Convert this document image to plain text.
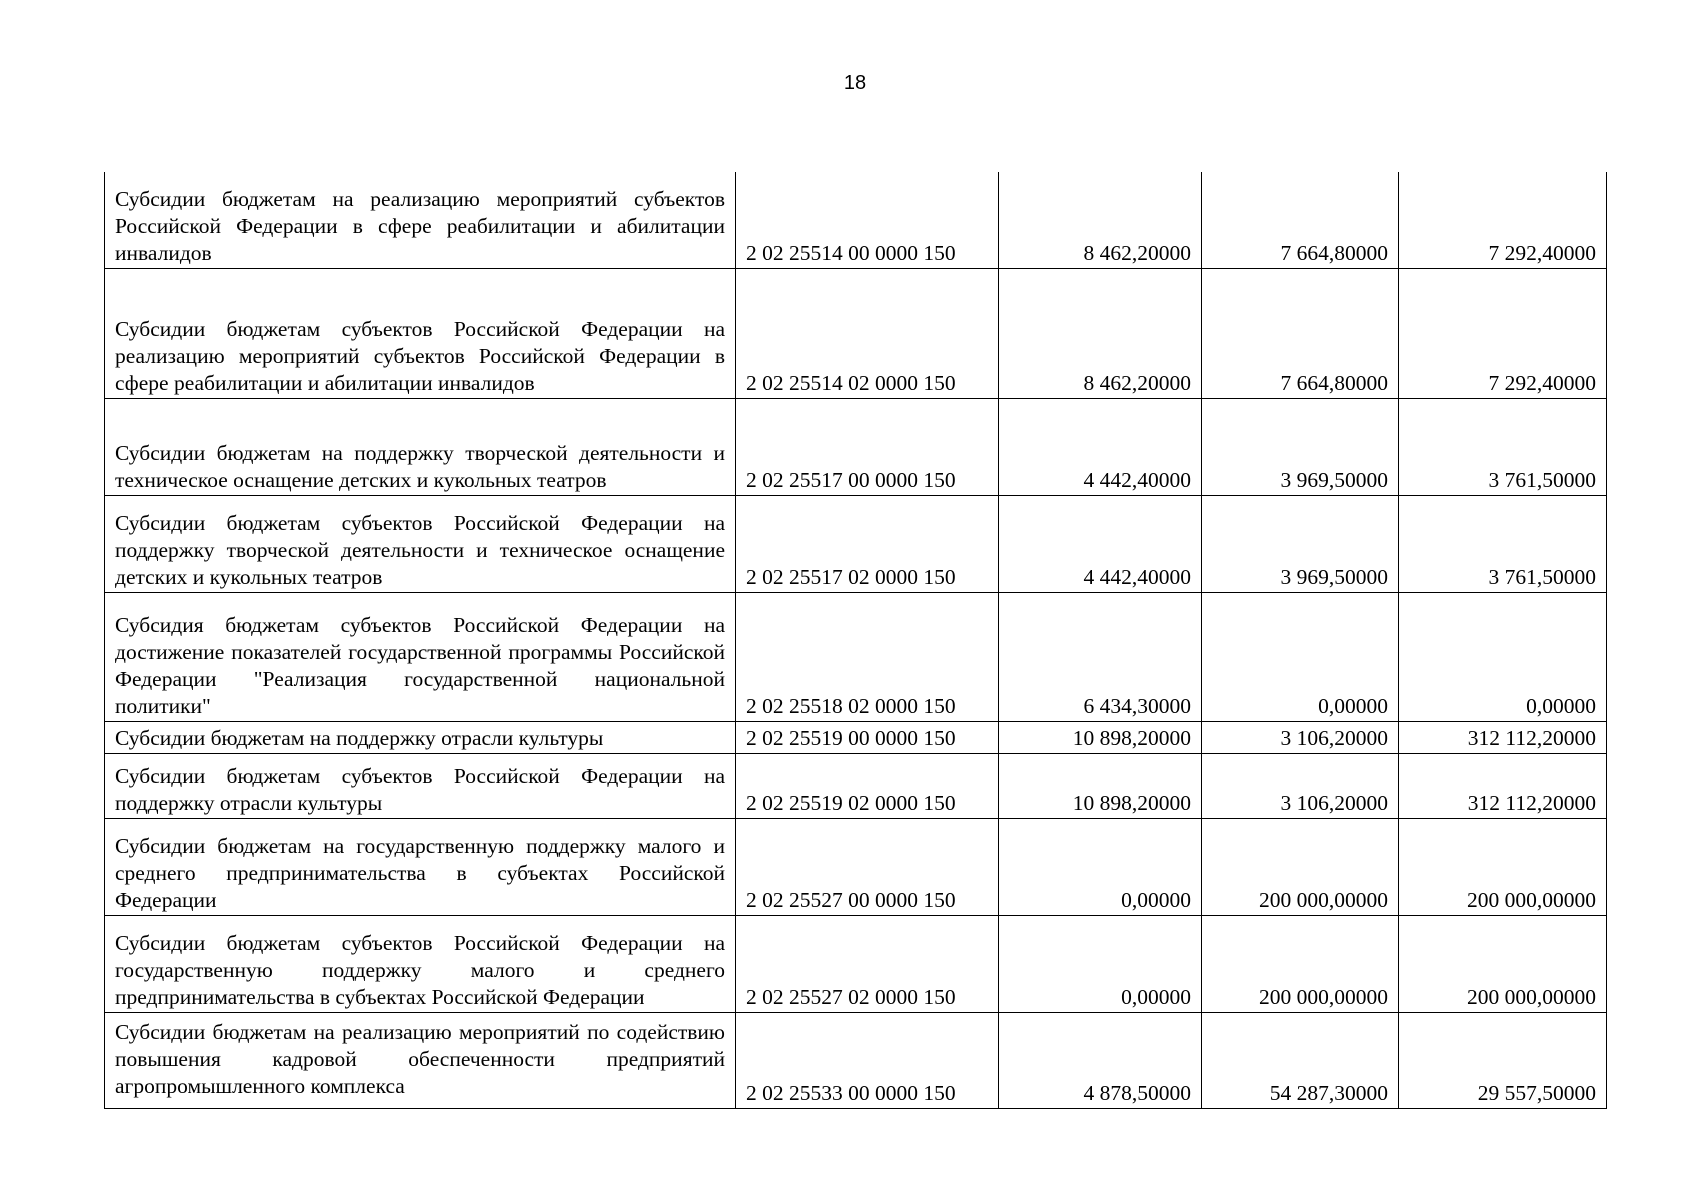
18
Субсидии бюджетам на реализацию мероприятий субъектов Российской Федерации в сфере реабилитации и абилитации инвалидов	2 02 25514 00 0000 150	8 462,20000	7 664,80000	7 292,40000
Субсидии бюджетам субъектов Российской Федерации на реализацию мероприятий субъектов Российской Федерации в сфере реабилитации и абилитации инвалидов	2 02 25514 02 0000 150	8 462,20000	7 664,80000	7 292,40000
Субсидии бюджетам на поддержку творческой деятельности и техническое оснащение детских и кукольных театров	2 02 25517 00 0000 150	4 442,40000	3 969,50000	3 761,50000
Субсидии бюджетам субъектов Российской Федерации на поддержку творческой деятельности и техническое оснащение детских и кукольных театров	2 02 25517 02 0000 150	4 442,40000	3 969,50000	3 761,50000
Субсидия бюджетам субъектов Российской Федерации на достижение показателей государственной программы Российской Федерации "Реализация государственной национальной политики"	2 02 25518 02 0000 150	6 434,30000	0,00000	0,00000
Субсидии бюджетам на поддержку отрасли культуры	2 02 25519 00 0000 150	10 898,20000	3 106,20000	312 112,20000
Субсидии бюджетам субъектов Российской Федерации на поддержку отрасли культуры	2 02 25519 02 0000 150	10 898,20000	3 106,20000	312 112,20000
Субсидии бюджетам на государственную поддержку малого и среднего предпринимательства в субъектах Российской Федерации	2 02 25527 00 0000 150	0,00000	200 000,00000	200 000,00000
Субсидии бюджетам субъектов Российской Федерации на государственную поддержку малого и среднего предпринимательства в субъектах Российской Федерации	2 02 25527 02 0000 150	0,00000	200 000,00000	200 000,00000
Субсидии бюджетам на реализацию мероприятий по содействию повышения кадровой обеспеченности предприятий агропромышленного комплекса	2 02 25533 00 0000 150	4 878,50000	54 287,30000	29 557,50000
